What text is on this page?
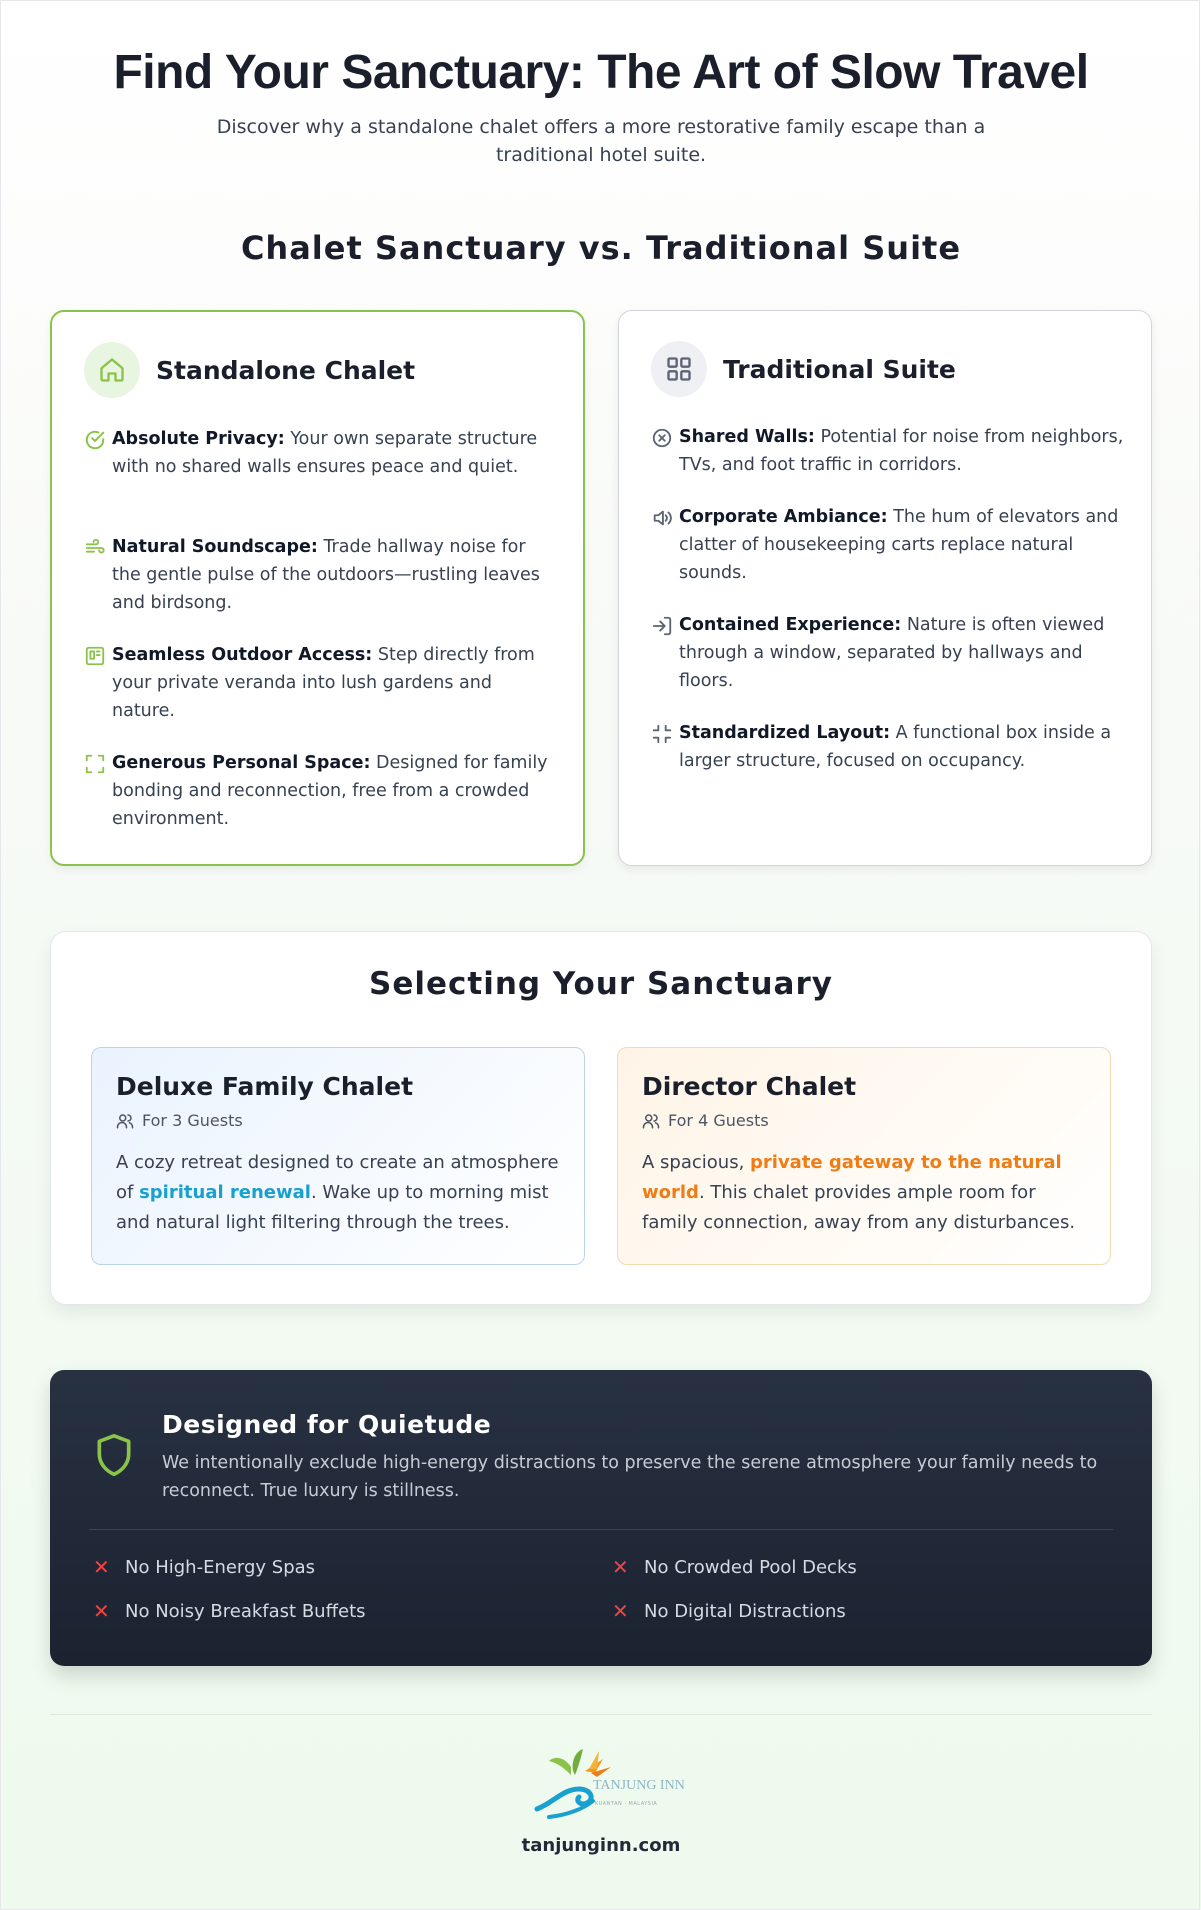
Find Your Sanctuary: The Art of Slow Travel

Discover why a standalone chalet offers a more restorative family escape than a traditional hotel suite.

Chalet Sanctuary vs. Traditional Suite
Standalone Chalet
Absolute Privacy: Your own separate structure with no shared walls ensures peace and quiet.
Natural Soundscape: Trade hallway noise for the gentle pulse of the outdoors—rustling leaves and birdsong.
Seamless Outdoor Access: Step directly from your private veranda into lush gardens and nature.
Generous Personal Space: Designed for family bonding and reconnection, free from a crowded environment.
Traditional Suite
Shared Walls: Potential for noise from neighbors, TVs, and foot traffic in corridors.
Corporate Ambiance: The hum of elevators and clatter of housekeeping carts replace natural sounds.
Contained Experience: Nature is often viewed through a window, separated by hallways and floors.
Standardized Layout: A functional box inside a larger structure, focused on occupancy.
Selecting Your Sanctuary
Deluxe Family Chalet
For 3 Guests
A cozy retreat designed to create an atmosphere of spiritual renewal. Wake up to morning mist and natural light filtering through the trees.
Director Chalet
For 4 Guests
A spacious, private gateway to the natural world. This chalet provides ample room for family connection, away from any disturbances.
Designed for Quietude
We intentionally exclude high-energy distractions to preserve the serene atmosphere your family needs to reconnect. True luxury is stillness.
✕ No High-Energy Spas	✕ No Crowded Pool Decks
✕ No Noisy Breakfast Buffets	✕ No Digital Distractions
TANJUNG INN
KUANTAN · MALAYSIA
tanjunginn.com
